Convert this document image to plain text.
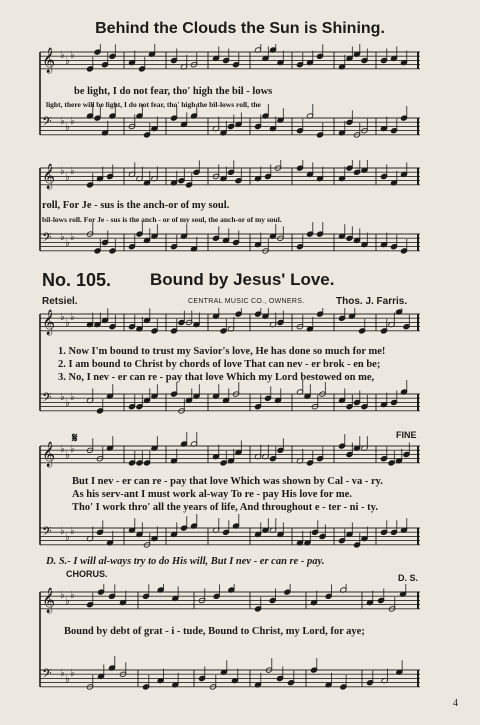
Behind the Clouds the Sun is Shining.
𝄞 ♭
♭
♭
𝄢 ♭
♭
♭
be light, I do not fear, tho' high the bil - lows
light, there will be light, I do not fear, tho' high the bil-lows roll, the
𝄞 ♭
♭
♭
𝄢 ♭
♭
♭
roll, For Je - sus is the anch-or of my soul.
bil-lows roll. For Je - sus is the anch - or of my soul, the anch-or of my soul.
No. 105. Bound by Jesus' Love.
Retsiel.	CENTRAL MUSIC CO., OWNERS.	Thos. J. Farris.
𝄞 ♭
♭
♭
𝄢 ♭
♭
♭
1. Now I'm bound to trust my Savior's love, He has done so much for me!
2. I am bound to Christ by chords of love That can nev - er brok - en be;
3. No, I nev - er can re - pay that love Which my Lord bestowed on me,
𝄞 ♭
♭
♭
𝄢 ♭
♭
♭
𝄋	FINE
But I nev - er can re - pay that love Which was shown by Cal - va - ry.
As his serv-ant I must work al-way To re - pay His love for me.
Tho' I work thro' all the years of life, And throughout e - ter - ni - ty.
D. S.- I will al-ways try to do His will, But I nev - er can re - pay.
CHORUS.	D. S.
𝄞 ♭
♭
♭
𝄢 ♭
♭
♭
Bound by debt of grat - i - tude, Bound to Christ, my Lord, for aye;
4
